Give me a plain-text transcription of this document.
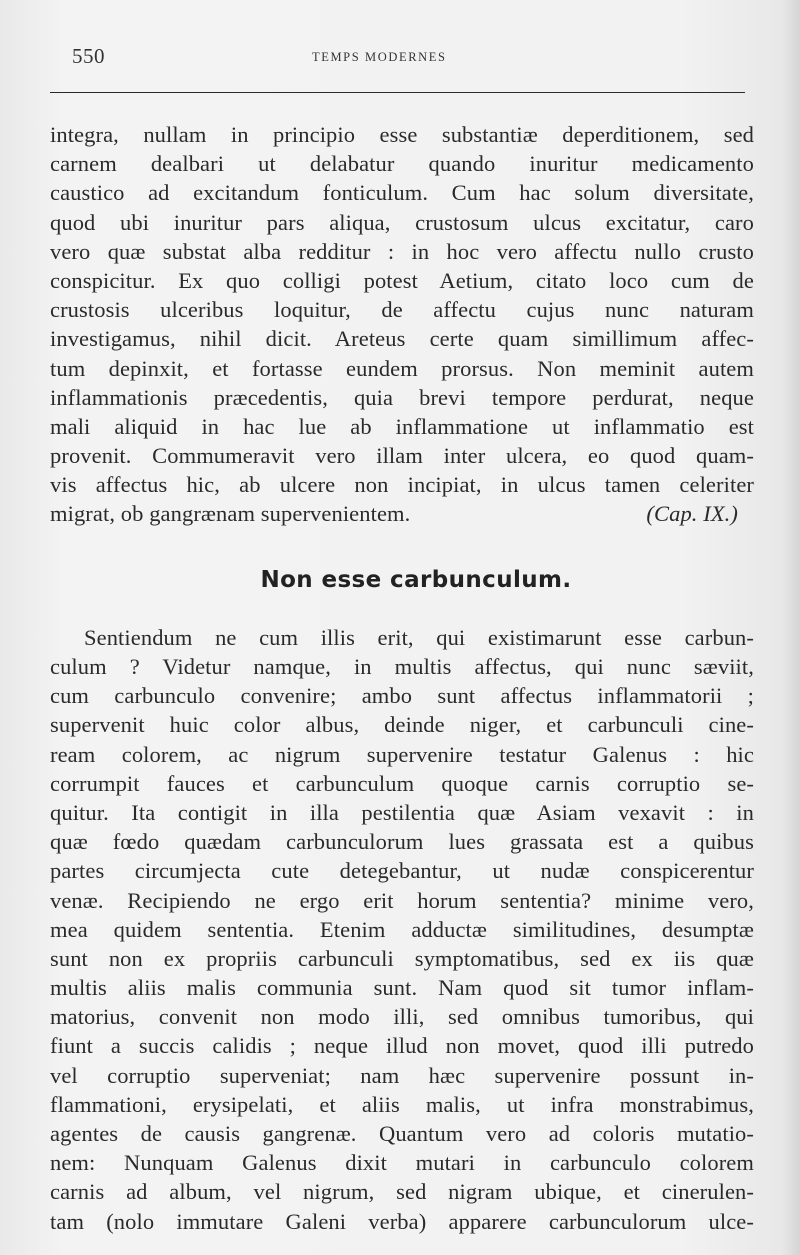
550	TEMPS MODERNES
integra, nullam in principio esse substantiæ deperditionem, sed
carnem dealbari ut delabatur quando inuritur medicamento
caustico ad excitandum fonticulum. Cum hac solum diversitate,
quod ubi inuritur pars aliqua, crustosum ulcus excitatur, caro
vero quæ substat alba redditur : in hoc vero affectu nullo crusto
conspicitur. Ex quo colligi potest Aetium, citato loco cum de
crustosis ulceribus loquitur, de affectu cujus nunc naturam
investigamus, nihil dicit. Areteus certe quam simillimum affec-
tum depinxit, et fortasse eundem prorsus. Non meminit autem
inflammationis præcedentis, quia brevi tempore perdurat, neque
mali aliquid in hac lue ab inflammatione ut inflammatio est
provenit. Commumeravit vero illam inter ulcera, eo quod quam-
vis affectus hic, ab ulcere non incipiat, in ulcus tamen celeriter
migrat, ob gangrænam supervenientem.	(Cap. IX.)
Non esse carbunculum.
Sentiendum ne cum illis erit, qui existimarunt esse carbun-
culum ? Videtur namque, in multis affectus, qui nunc sæviit,
cum carbunculo convenire; ambo sunt affectus inflammatorii ;
supervenit huic color albus, deinde niger, et carbunculi cine-
ream colorem, ac nigrum supervenire testatur Galenus : hic
corrumpit fauces et carbunculum quoque carnis corruptio se-
quitur. Ita contigit in illa pestilentia quæ Asiam vexavit : in
quæ fœdo quædam carbunculorum lues grassata est a quibus
partes circumjecta cute detegebantur, ut nudæ conspicerentur
venæ. Recipiendo ne ergo erit horum sententia? minime vero,
mea quidem sententia. Etenim adductæ similitudines, desumptæ
sunt non ex propriis carbunculi symptomatibus, sed ex iis quæ
multis aliis malis communia sunt. Nam quod sit tumor inflam-
matorius, convenit non modo illi, sed omnibus tumoribus, qui
fiunt a succis calidis ; neque illud non movet, quod illi putredo
vel corruptio superveniat; nam hæc supervenire possunt in-
flammationi, erysipelati, et aliis malis, ut infra monstrabimus,
agentes de causis gangrenæ. Quantum vero ad coloris mutatio-
nem: Nunquam Galenus dixit mutari in carbunculo colorem
carnis ad album, vel nigrum, sed nigram ubique, et cinerulen-
tam (nolo immutare Galeni verba) apparere carbunculorum ulce-
